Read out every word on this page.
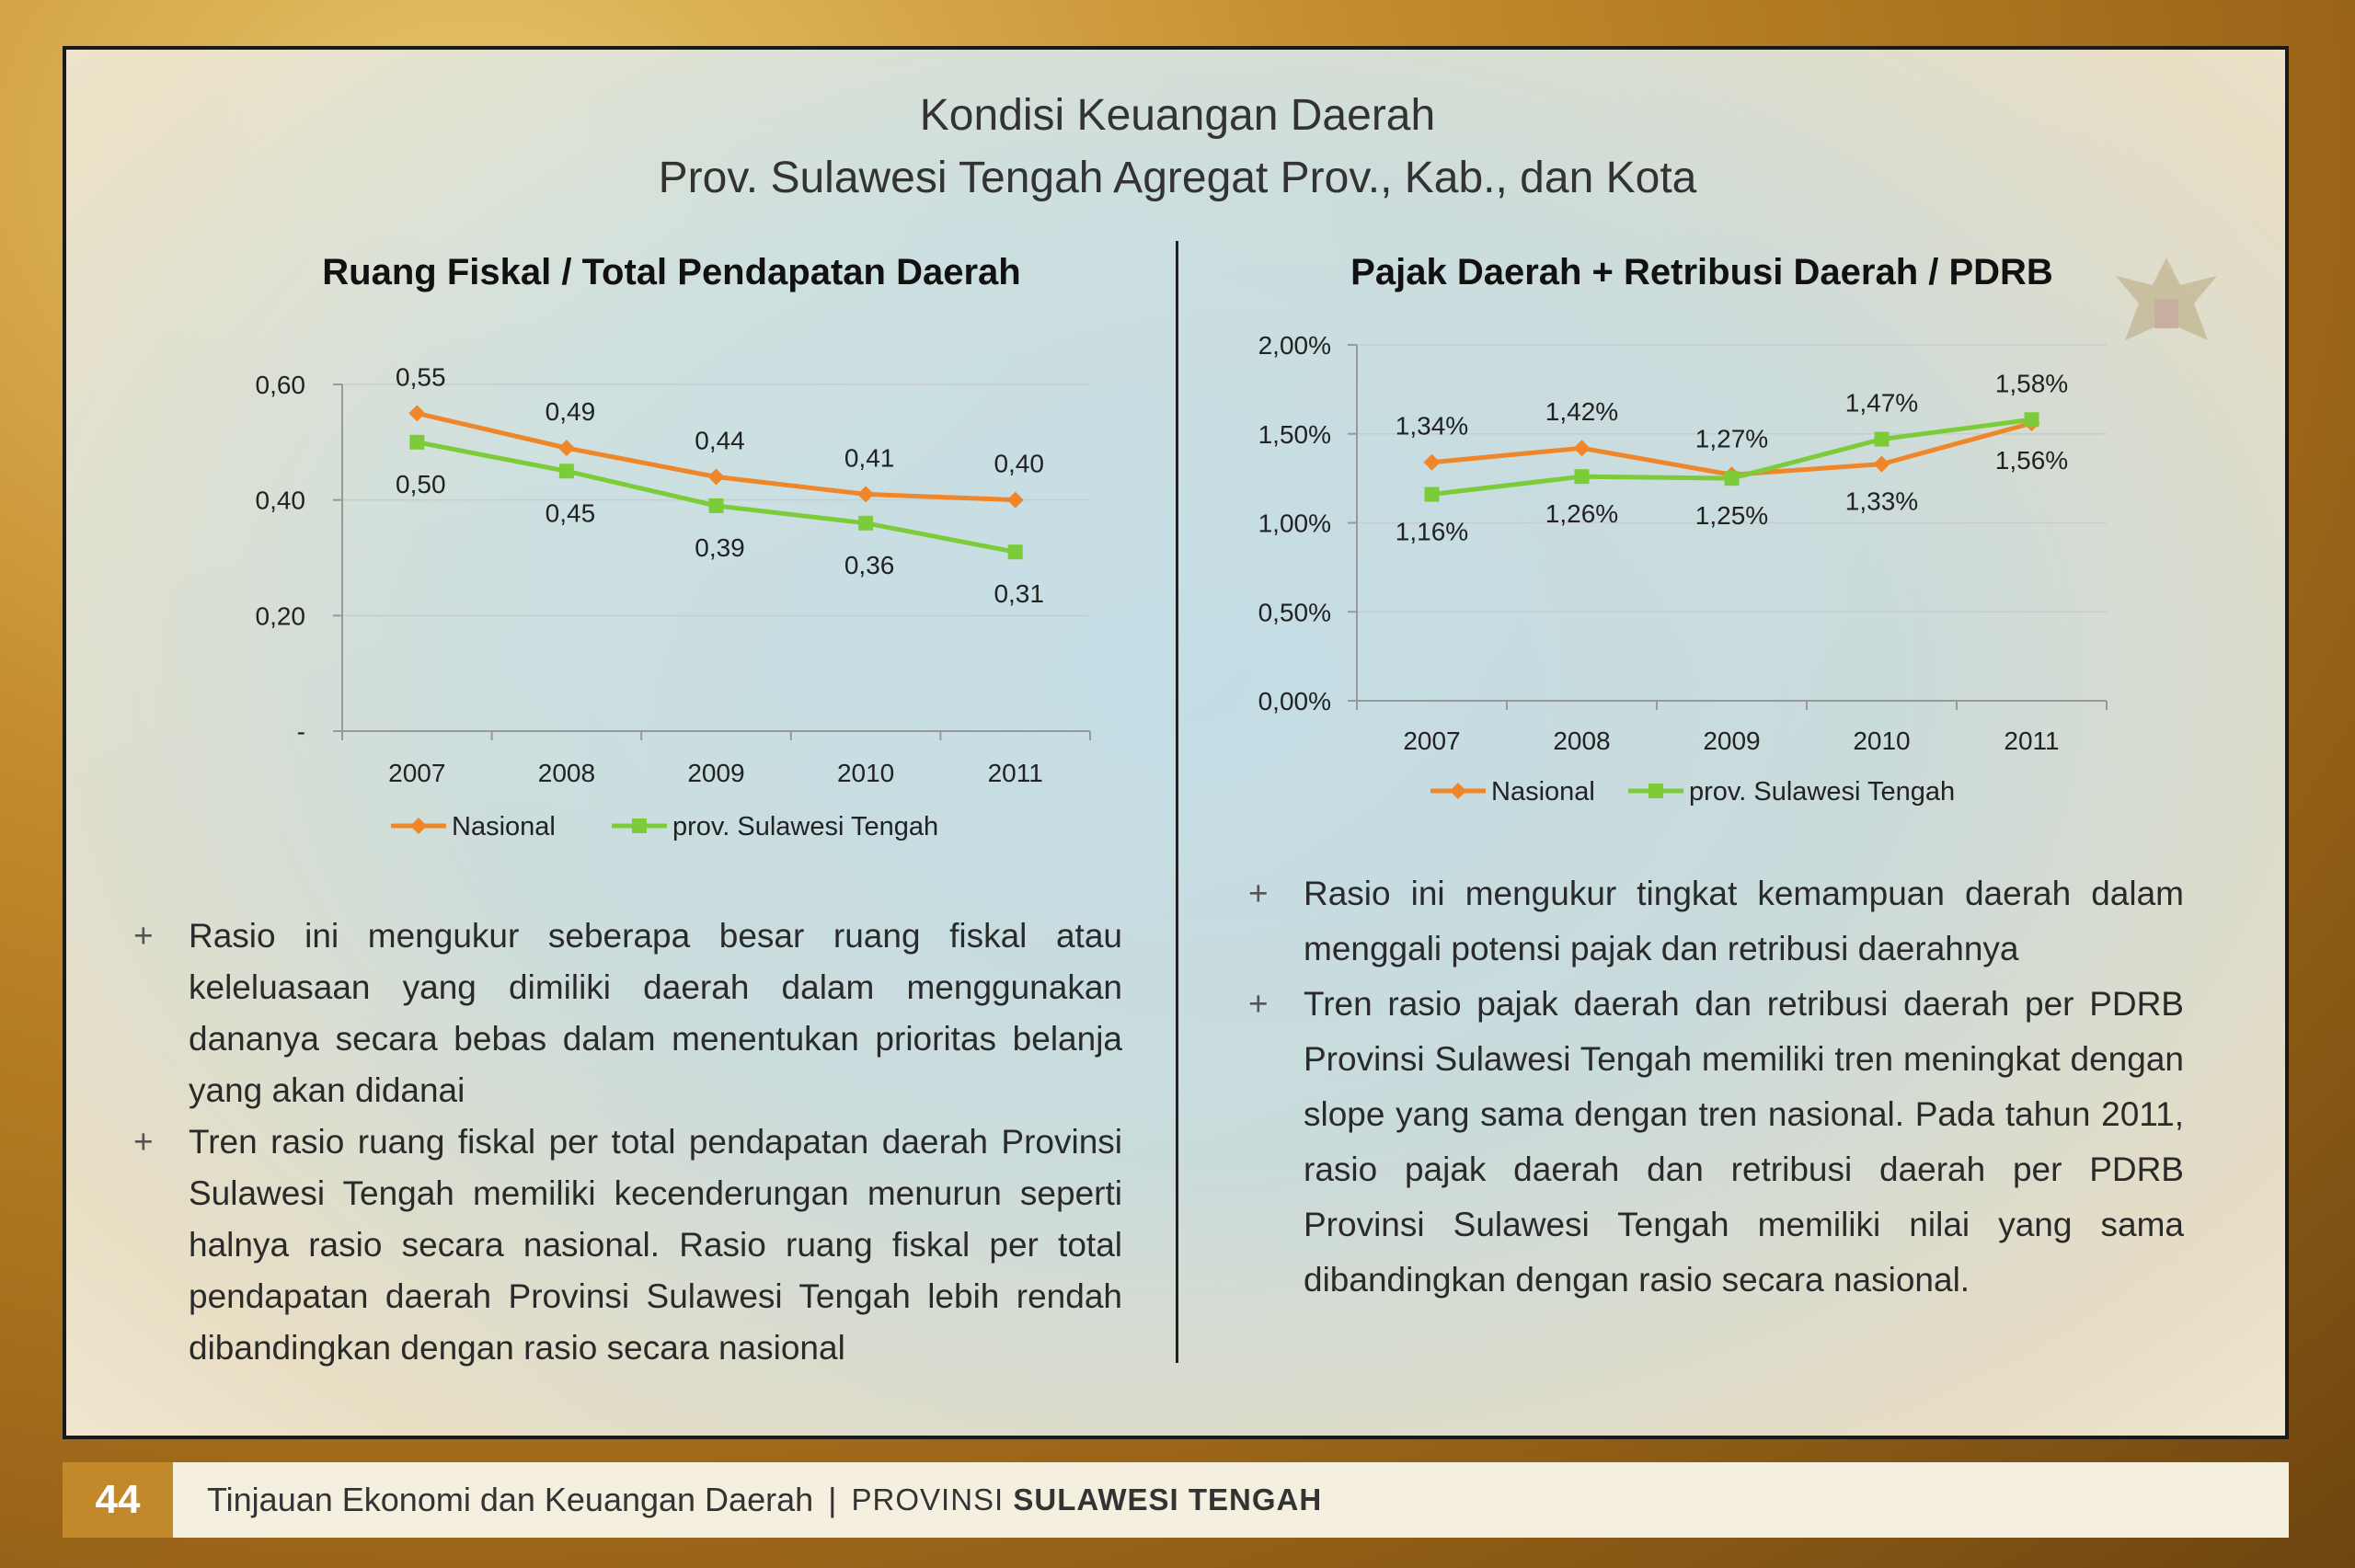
Kondisi Keuangan Daerah
Prov. Sulawesi Tengah Agregat Prov., Kab., dan Kota
Ruang Fiskal / Total Pendapatan Daerah	Pajak Daerah + Retribusi Daerah / PDRB
-
0,20
0,40
0,60
2007	2008	2009	2010	2011
0,55
0,50
0,49
0,45
0,44
0,39
0,41
0,36
0,40
0,31
Nasional	prov. Sulawesi Tengah
0,00%
0,50%
1,00%
1,50%
2,00%
2007	2008	2009	2010	2011
1,34%
1,16%
1,42%
1,26%
1,27%
1,25%	1,33%
1,47%
1,56%
1,58%
Nasional	prov. Sulawesi Tengah
+ Rasio ini mengukur seberapa besar ruang fiskal atau keleluasaan yang dimiliki daerah dalam menggunakan dananya secara bebas dalam menentukan prioritas belanja yang akan didanai
+ Tren rasio ruang fiskal per total pendapatan daerah Provinsi Sulawesi Tengah memiliki kecenderungan menurun seperti halnya rasio secara nasional. Rasio ruang fiskal per total pendapatan daerah Provinsi Sulawesi Tengah lebih rendah dibandingkan dengan rasio secara nasional
+ Rasio ini mengukur tingkat kemampuan daerah dalam menggali potensi pajak dan retribusi daerahnya
+ Tren rasio pajak daerah dan retribusi daerah per PDRB Provinsi Sulawesi Tengah memiliki tren meningkat dengan slope yang sama dengan tren nasional. Pada tahun 2011, rasio pajak daerah dan retribusi daerah per PDRB Provinsi Sulawesi Tengah memiliki nilai yang sama dibandingkan dengan rasio secara nasional.
44	Tinjauan Ekonomi dan Keuangan Daerah | PROVINSI SULAWESI TENGAH
